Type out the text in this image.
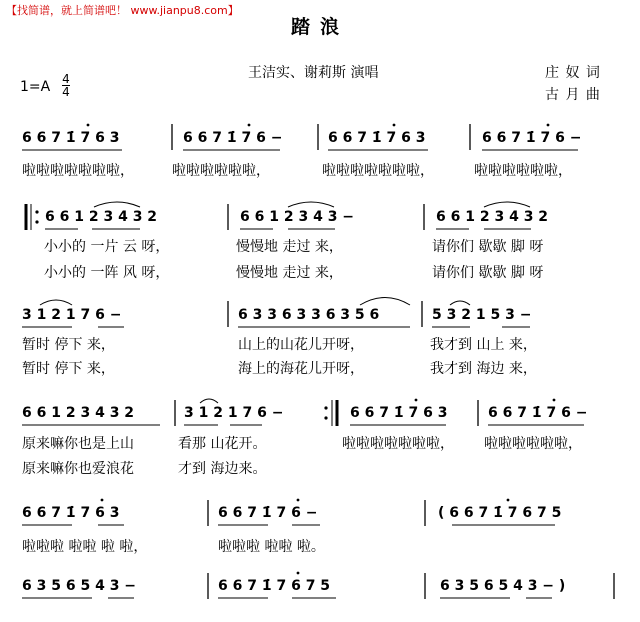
【找简谱，就上简谱吧！ www.jianpu8.com】
踏浪
王洁实、谢莉斯 演唱	庄 奴 词
古 月 曲
1=A 4
4
6 6 7 1̇ 7 6 3	6 6 7 1̇ 7 6 −	6 6 7 1̇ 7 6 3	6 6 7 1̇ 7 6 −
啦啦啦啦啦啦啦，	啦啦啦啦啦啦，	啦啦啦啦啦啦啦，	啦啦啦啦啦啦，
6 6 1 2 3 4 3 2	6 6 1 2 3 4 3 −	6 6 1 2 3 4 3 2
小小的 一片 云 呀，	慢慢地 走过 来，	请你们 歇歇 脚 呀
小小的 一阵 风 呀，	慢慢地 走过 来，	请你们 歇歇 脚 呀
3 1 2 1 7 6 −	6 3 3 6 3 3 6 3 5 6	5 3 2 1 5 3 −
暂时 停下 来，	山上的山花儿开呀，	我才到 山上 来，
暂时 停下 来，	海上的海花儿开呀，	我才到 海边 来，
6 6 1 2 3 4 3 2	3 1 2 1 7 6 −	6 6 7 1̇ 7 6 3	6 6 7 1̇ 7 6 −
原来嘛你也是上山	看那 山花开。	啦啦啦啦啦啦啦， 啦啦啦啦啦啦，
原来嘛你也爱浪花	才到 海边来。
6 6 7 1̇ 7 6 3	6 6 7 1̇ 7 6 −	( 6 6 7 1̇ 7 6 7 5
啦啦啦 啦啦 啦 啦，	啦啦啦 啦啦 啦。
6 3 5 6 5 4 3 −	6 6 7 1̇ 7 6 7 5	6 3 5 6 5 4 3 − )
